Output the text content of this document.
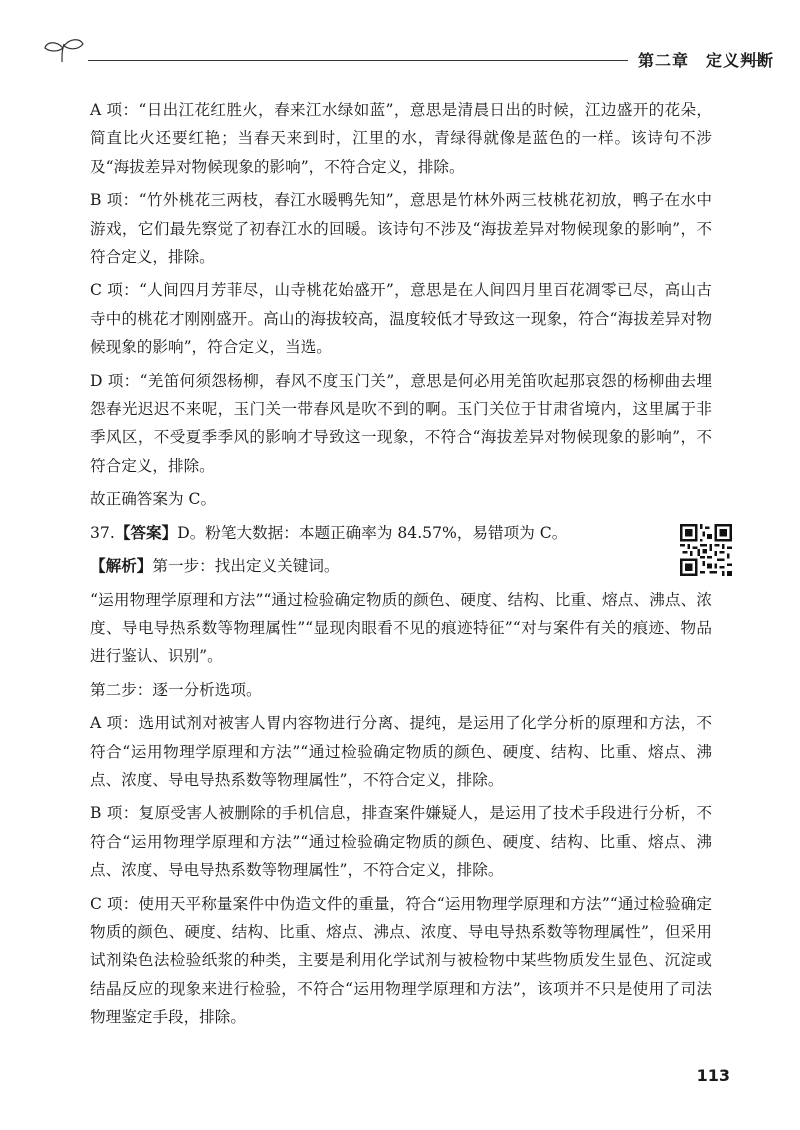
第二章　定义判断

A 项：“日出江花红胜火，春来江水绿如蓝”，意思是清晨日出的时候，江边盛开的花朵，简直比火还要红艳；当春天来到时，江里的水，青绿得就像是蓝色的一样。该诗句不涉及“海拔差异对物候现象的影响”，不符合定义，排除。

B 项：“竹外桃花三两枝，春江水暖鸭先知”，意思是竹林外两三枝桃花初放，鸭子在水中游戏，它们最先察觉了初春江水的回暖。该诗句不涉及“海拔差异对物候现象的影响”，不符合定义，排除。

C 项：“人间四月芳菲尽，山寺桃花始盛开”，意思是在人间四月里百花凋零已尽，高山古寺中的桃花才刚刚盛开。高山的海拔较高，温度较低才导致这一现象，符合“海拔差异对物候现象的影响”，符合定义，当选。

D 项：“羌笛何须怨杨柳，春风不度玉门关”，意思是何必用羌笛吹起那哀怨的杨柳曲去埋怨春光迟迟不来呢，玉门关一带春风是吹不到的啊。玉门关位于甘肃省境内，这里属于非季风区，不受夏季季风的影响才导致这一现象，不符合“海拔差异对物候现象的影响”，不符合定义，排除。

故正确答案为 C。

37.【答案】D。粉笔大数据：本题正确率为 84.57%，易错项为 C。

【解析】第一步：找出定义关键词。

“运用物理学原理和方法”“通过检验确定物质的颜色、硬度、结构、比重、熔点、沸点、浓度、导电导热系数等物理属性”“显现肉眼看不见的痕迹特征”“对与案件有关的痕迹、物品进行鉴认、识别”。

第二步：逐一分析选项。

A 项：选用试剂对被害人胃内容物进行分离、提纯，是运用了化学分析的原理和方法，不符合“运用物理学原理和方法”“通过检验确定物质的颜色、硬度、结构、比重、熔点、沸点、浓度、导电导热系数等物理属性”，不符合定义，排除。

B 项：复原受害人被删除的手机信息，排查案件嫌疑人，是运用了技术手段进行分析，不符合“运用物理学原理和方法”“通过检验确定物质的颜色、硬度、结构、比重、熔点、沸点、浓度、导电导热系数等物理属性”，不符合定义，排除。

C 项：使用天平称量案件中伪造文件的重量，符合“运用物理学原理和方法”“通过检验确定物质的颜色、硬度、结构、比重、熔点、沸点、浓度、导电导热系数等物理属性”，但采用试剂染色法检验纸浆的种类，主要是利用化学试剂与被检物中某些物质发生显色、沉淀或结晶反应的现象来进行检验，不符合“运用物理学原理和方法”，该项并不只是使用了司法物理鉴定手段，排除。

113
